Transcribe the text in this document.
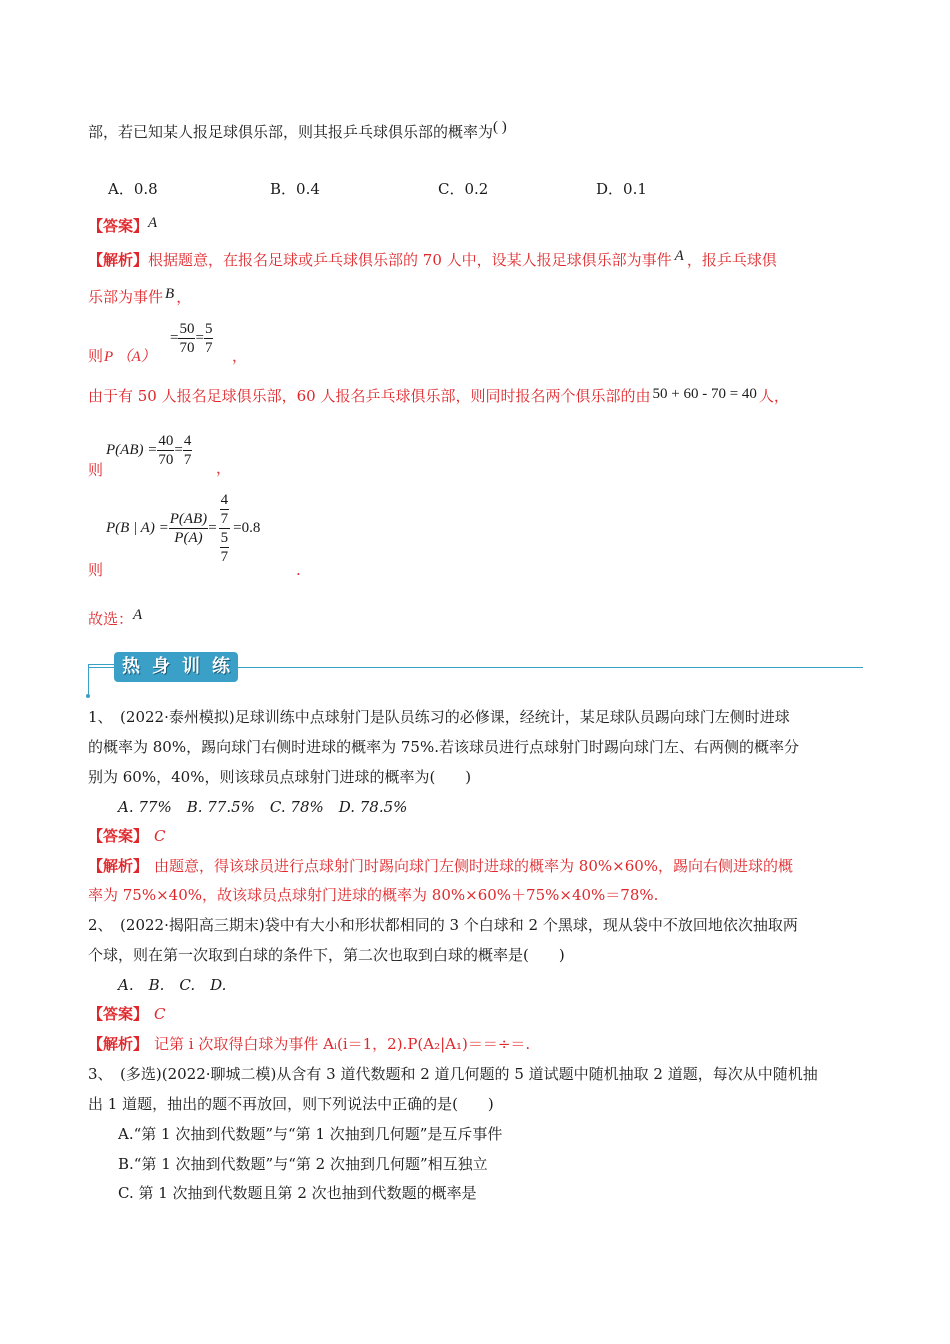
部，若已知某人报足球俱乐部，则其报乒乓球俱乐部的概率为( )
A．0.8	B．0.4	C．0.2	D．0.1
【答案】A
【解析】根据题意，在报名足球或乒乓球俱乐部的 70 人中，设某人报足球俱乐部为事件 A ，报乒乓球俱
乐部为事件 B ，
则 P （A）
= $\frac{50}{70} = \frac{5}{7}$ ，
由于有 50 人报名足球俱乐部，60 人报名乒乓球俱乐部，则同时报名两个俱乐部的由 50 + 60 - 70 = 40 人，
$P(AB) = \frac{40}{70} = \frac{4}{7}$
则	，
P(B | $A) = \frac{P(AB)}{P(A)} = \frac{\frac{4}{7}}{\frac{5}{7}} =0.8$
则	.
故选：A
热 身 训 练
1、　(2022·泰州模拟)足球训练中点球射门是队员练习的必修课，经统计，某足球队员踢向球门左侧时进球
的概率为 80%，踢向球门右侧时进球的概率为 75%.若该球员进行点球射门时踢向球门左、右两侧的概率分
别为 60%，40%，则该球员点球射门进球的概率为(　　)
A. 77%　B. 77.5%　C. 78%　D. 78.5%
【答案】 C
【解析】 由题意，得该球员进行点球射门时踢向球门左侧时进球的概率为 80%×60%，踢向右侧进球的概
率为 75%×40%，故该球员点球射门进球的概率为 80%×60%＋75%×40%＝78%.
2、　(2022·揭阳高三期末)袋中有大小和形状都相同的 3 个白球和 2 个黑球，现从袋中不放回地依次抽取两
个球，则在第一次取到白球的条件下，第二次也取到白球的概率是(　　)
A.　B.　C.　D.
【答案】 C
【解析】 记第 i 次取得白球为事件 Aᵢ(i＝1，2).P(A₂|A₁)＝＝÷＝.
3、　(多选)(2022·聊城二模)从含有 3 道代数题和 2 道几何题的 5 道试题中随机抽取 2 道题，每次从中随机抽
出 1 道题，抽出的题不再放回，则下列说法中正确的是(　　)
A.“第 1 次抽到代数题”与“第 1 次抽到几何题”是互斥事件
B.“第 1 次抽到代数题”与“第 2 次抽到几何题”相互独立
C. 第 1 次抽到代数题且第 2 次也抽到代数题的概率是
